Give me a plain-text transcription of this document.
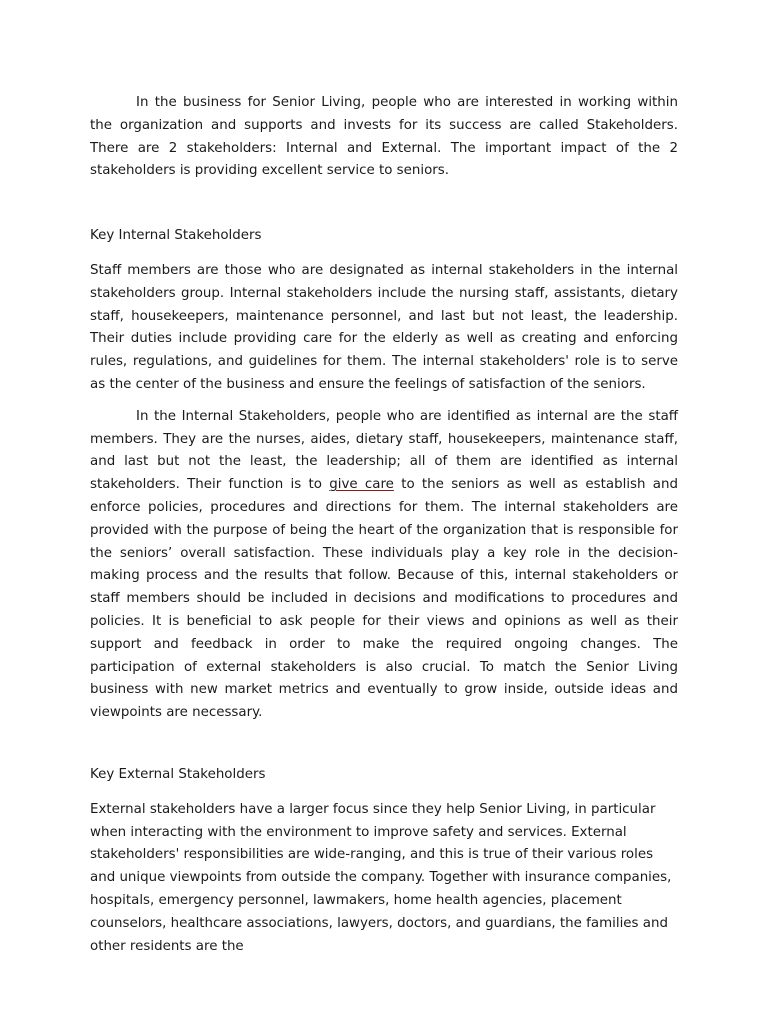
In the business for Senior Living, people who are interested in working within the organization and supports and invests for its success are called Stakeholders. There are 2 stakeholders: Internal and External. The important impact of the 2 stakeholders is providing excellent service to seniors.

Key Internal Stakeholders

Staff members are those who are designated as internal stakeholders in the internal stakeholders group. Internal stakeholders include the nursing staff, assistants, dietary staff, housekeepers, maintenance personnel, and last but not least, the leadership. Their duties include providing care for the elderly as well as creating and enforcing rules, regulations, and guidelines for them. The internal stakeholders' role is to serve as the center of the business and ensure the feelings of satisfaction of the seniors.

In the Internal Stakeholders, people who are identified as internal are the staff members. They are the nurses, aides, dietary staff, housekeepers, maintenance staff, and last but not the least, the leadership; all of them are identified as internal stakeholders. Their function is to give care to the seniors as well as establish and enforce policies, procedures and directions for them. The internal stakeholders are provided with the purpose of being the heart of the organization that is responsible for the seniors’ overall satisfaction. These individuals play a key role in the decision-making process and the results that follow. Because of this, internal stakeholders or staff members should be included in decisions and modifications to procedures and policies. It is beneficial to ask people for their views and opinions as well as their support and feedback in order to make the required ongoing changes. The participation of external stakeholders is also crucial. To match the Senior Living business with new market metrics and eventually to grow inside, outside ideas and viewpoints are necessary.

Key External Stakeholders

External stakeholders have a larger focus since they help Senior Living, in particular when interacting with the environment to improve safety and services. External stakeholders' responsibilities are wide-ranging, and this is true of their various roles and unique viewpoints from outside the company. Together with insurance companies, hospitals, emergency personnel, lawmakers, home health agencies, placement counselors, healthcare associations, lawyers, doctors, and guardians, the families and other residents are the
